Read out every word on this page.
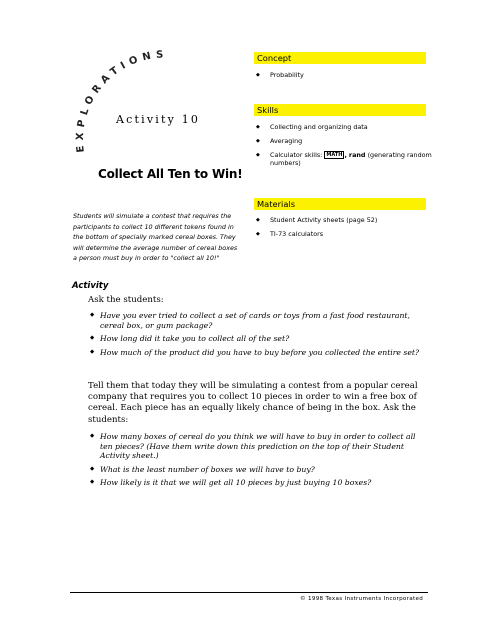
EXPLORATIONS
Activity 10
Collect All Ten to Win!
Students will simulate a contest that requires the participants to collect 10 different tokens found in the bottom of specially marked cereal boxes. They will determine the average number of cereal boxes a person must buy in order to "collect all 10!"
Concept
◆ Probability
Skills
◆ Collecting and organizing data
◆ Averaging
◆ Calculator skills: MATH , rand (generating random numbers)
Materials
◆ Student Activity sheets (page 52)
◆ TI-73 calculators
Activity
Ask the students:
◆ Have you ever tried to collect a set of cards or toys from a fast food restaurant, cereal box, or gum package?
◆ How long did it take you to collect all of the set?
◆ How much of the product did you have to buy before you collected the entire set?
Tell them that today they will be simulating a contest from a popular cereal company that requires you to collect 10 pieces in order to win a free box of cereal. Each piece has an equally likely chance of being in the box. Ask the students:
◆ How many boxes of cereal do you think we will have to buy in order to collect all ten pieces? (Have them write down this prediction on the top of their Student Activity sheet.)
◆ What is the least number of boxes we will have to buy?
◆ How likely is it that we will get all 10 pieces by just buying 10 boxes?
© 1998 Texas Instruments Incorporated
